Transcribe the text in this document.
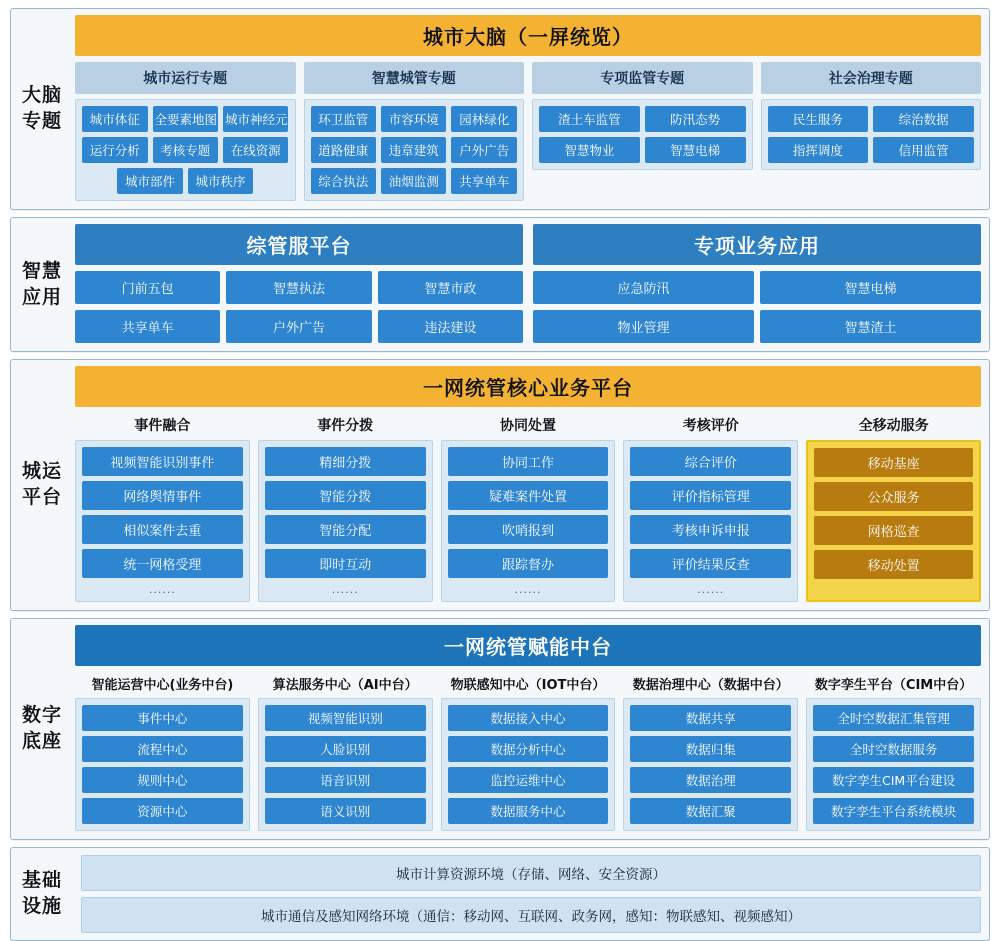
大脑
专题
城市大脑（一屏统览）
城市运行专题
城市体征	全要素地图 城市神经元
运行分析	考核专题	在线资源
城市部件	城市秩序
智慧城管专题
环卫监管	市容环境	园林绿化
道路健康	违章建筑	户外广告
综合执法	油烟监测	共享单车
专项监管专题
渣土车监管	防汛态势
智慧物业	智慧电梯
社会治理专题
民生服务	综治数据
指挥调度	信用监管
智慧
应用
综管服平台
门前五包	智慧执法	智慧市政
共享单车	户外广告	违法建设
专项业务应用
应急防汛	智慧电梯
物业管理	智慧渣土
城运
平台
一网统管核心业务平台
事件融合
视频智能识别事件
网络舆情事件
相似案件去重
统一网格受理
......
事件分拨
精细分拨
智能分拨
智能分配
即时互动
......
协同处置
协同工作
疑难案件处置
吹哨报到
跟踪督办
......
考核评价
综合评价
评价指标管理
考核申诉申报
评价结果反查
......
全移动服务
移动基座
公众服务
网格巡查
移动处置
数字
底座
一网统管赋能中台
智能运营中心(业务中台)
事件中心
流程中心
规则中心
资源中心
算法服务中心（AI中台）
视频智能识别
人脸识别
语音识别
语义识别
物联感知中心（IOT中台）
数据接入中心
数据分析中心
监控运维中心
数据服务中心
数据治理中心（数据中台）
数据共享
数据归集
数据治理
数据汇聚
数字孪生平台（CIM中台）
全时空数据汇集管理
全时空数据服务
数字孪生CIM平台建设
数字孪生平台系统模块
基础
设施
城市计算资源环境（存储、网络、安全资源）
城市通信及感知网络环境（通信：移动网、互联网、政务网，感知：物联感知、视频感知）
